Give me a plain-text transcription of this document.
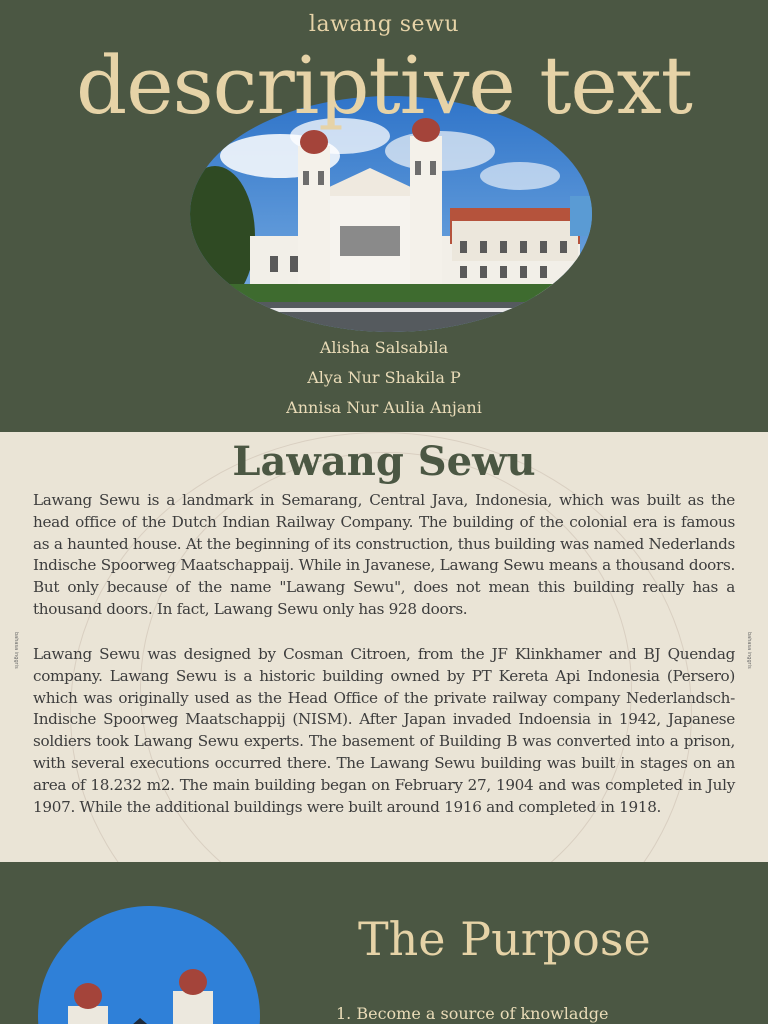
lawang sewu
descriptive text
Alisha Salsabila
Alya Nur Shakila P
Annisa Nur Aulia Anjani
bahasa inggris	bahasa inggris
Lawang Sewu

Lawang Sewu is a landmark in Semarang, Central Java, Indonesia, which was built as the head office of the Dutch Indian Railway Company. The building of the colonial era is famous as a haunted house. At the beginning of its construction, thus building was named Nederlands Indische Spoorweg Maatschappaij. While in Javanese, Lawang Sewu means a thousand doors. But only because of the name "Lawang Sewu", does not mean this building really has a thousand doors. In fact, Lawang Sewu only has 928 doors.

Lawang Sewu was designed by Cosman Citroen, from the JF Klinkhamer and BJ Quendag company. Lawang Sewu is a historic building owned by PT Kereta Api Indonesia (Persero) which was originally used as the Head Office of the private railway company Nederlandsch-Indische Spoorweg Maatschappij (NISM). After Japan invaded Indoensia in 1942, Japanese soldiers took Lawang Sewu experts. The basement of Building B was converted into a prison, with several executions occurred there. The Lawang Sewu building was built in stages on an area of 18.232 m2. The main building began on February 27, 1904 and was completed in July 1907. While the additional buildings were built around 1916 and completed in 1918.

The Purpose
1. Become a source of knowladge
